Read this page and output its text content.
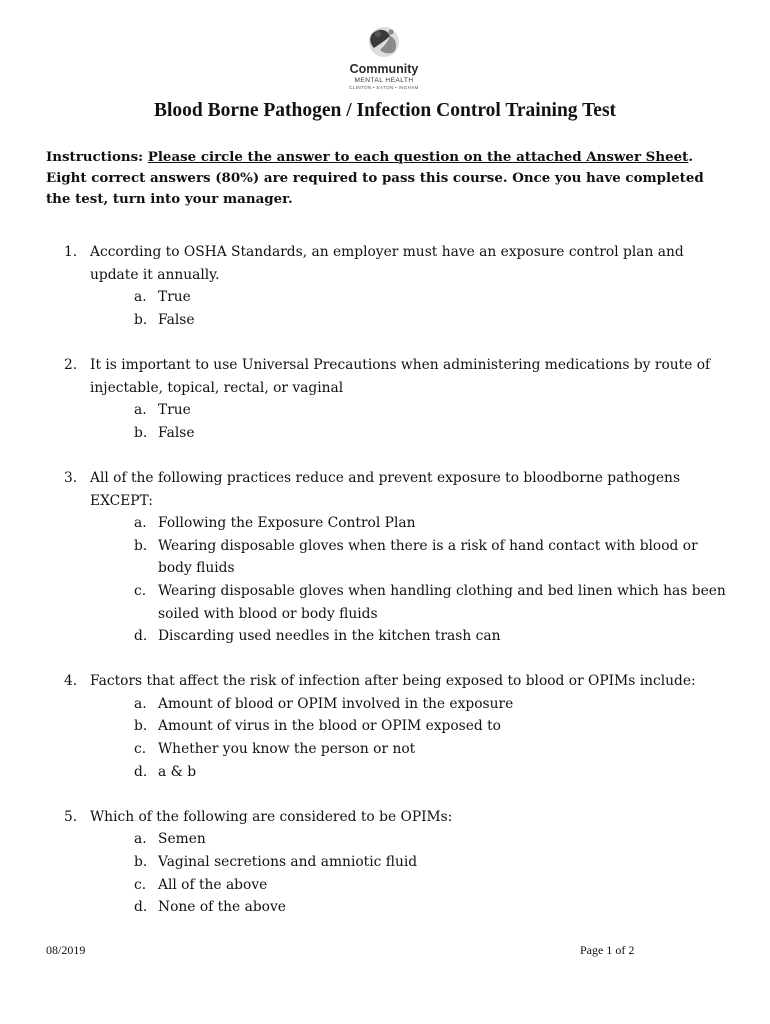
Community
MENTAL HEALTH
CLINTON • EATON • INGHAM
Blood Borne Pathogen / Infection Control Training Test
Instructions: Please circle the answer to each question on the attached Answer Sheet. Eight correct answers (80%) are required to pass this course. Once you have completed the test, turn into your manager.
1. According to OSHA Standards, an employer must have an exposure control plan and update it annually.
a. True
b. False
2. It is important to use Universal Precautions when administering medications by route of injectable, topical, rectal, or vaginal
a. True
b. False
3. All of the following practices reduce and prevent exposure to bloodborne pathogens EXCEPT:
a. Following the Exposure Control Plan
b. Wearing disposable gloves when there is a risk of hand contact with blood or body fluids
c. Wearing disposable gloves when handling clothing and bed linen which has been soiled with blood or body fluids
d. Discarding used needles in the kitchen trash can
4. Factors that affect the risk of infection after being exposed to blood or OPIMs include:
a. Amount of blood or OPIM involved in the exposure
b. Amount of virus in the blood or OPIM exposed to
c. Whether you know the person or not
d. a & b
5. Which of the following are considered to be OPIMs:
a. Semen
b. Vaginal secretions and amniotic fluid
c. All of the above
d. None of the above
08/2019	Page 1 of 2
